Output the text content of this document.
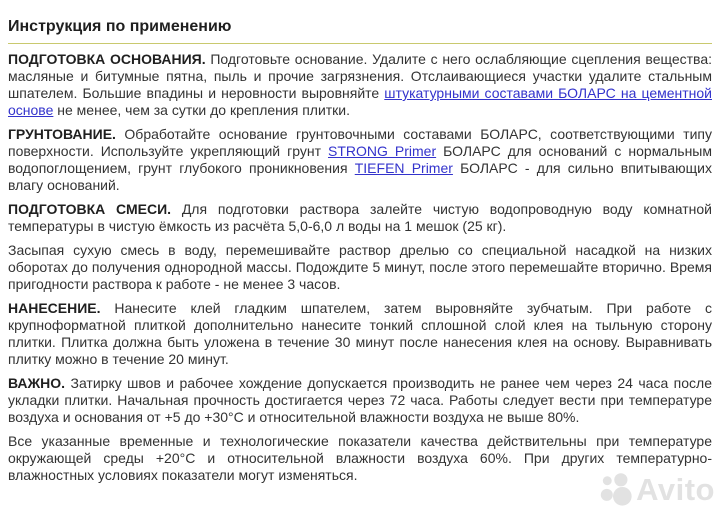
Инструкция по применению

ПОДГОТОВКА ОСНОВАНИЯ. Подготовьте основание. Удалите с него ослабляющие сцепления вещества: масляные и битумные пятна, пыль и прочие загрязнения. Отслаивающиеся участки удалите стальным шпателем. Большие впадины и неровности выровняйте штукатурными составами БОЛАРС на цементной основе не менее, чем за сутки до крепления плитки.

ГРУНТОВАНИЕ. Обработайте основание грунтовочными составами БОЛАРС, соответствующими типу поверхности. Используйте укрепляющий грунт STRONG Primer БОЛАРС для оснований с нормальным водопоглощением, грунт глубокого проникновения TIEFEN Primer БОЛАРС - для сильно впитывающих влагу оснований.

ПОДГОТОВКА СМЕСИ. Для подготовки раствора залейте чистую водопроводную воду комнатной температуры в чистую ёмкость из расчёта 5,0-6,0 л воды на 1 мешок (25 кг).

Засыпая сухую смесь в воду, перемешивайте раствор дрелью со специальной насадкой на низких оборотах до получения однородной массы. Подождите 5 минут, после этого перемешайте вторично. Время пригодности раствора к работе - не менее 3 часов.

НАНЕСЕНИЕ. Нанесите клей гладким шпателем, затем выровняйте зубчатым. При работе с крупноформатной плиткой дополнительно нанесите тонкий сплошной слой клея на тыльную сторону плитки. Плитка должна быть уложена в течение 30 минут после нанесения клея на основу. Выравнивать плитку можно в течение 20 минут.

ВАЖНО. Затирку швов и рабочее хождение допускается производить не ранее чем через 24 часа после укладки плитки. Начальная прочность достигается через 72 часа. Работы следует вести при температуре воздуха и основания от +5 до +30°С и относительной влажности воздуха не выше 80%.

Все указанные временные и технологические показатели качества действительны при температуре окружающей среды +20°С и относительной влажности воздуха 60%. При других температурно-влажностных условиях показатели могут изменяться.	Avito
